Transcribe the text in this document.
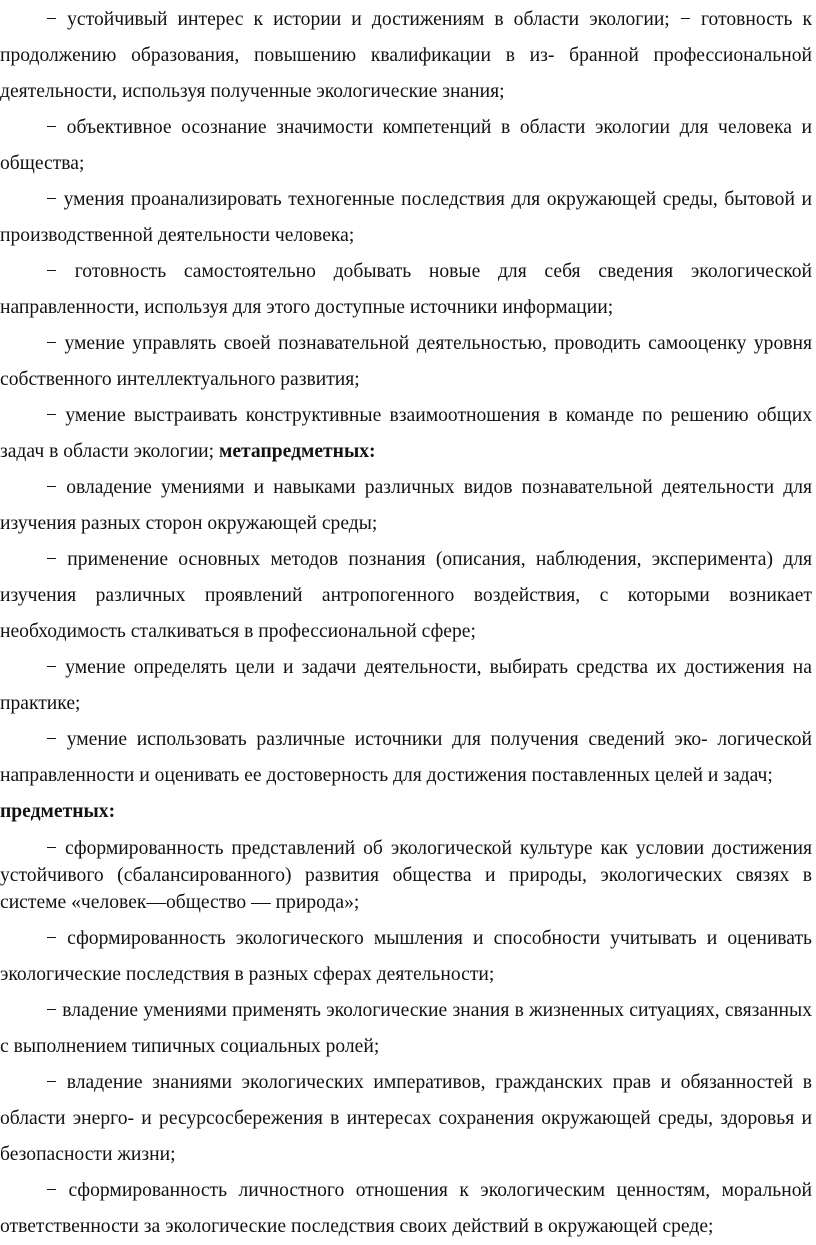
− устойчивый интерес к истории и достижениям в области экологии; − готовность к продолжению образования, повышению квалификации в из- бранной профессиональной деятельности, используя полученные экологические знания;

− объективное осознание значимости компетенций в области экологии для человека и общества;

− умения проанализировать техногенные последствия для окружающей среды, бытовой и производственной деятельности человека;

− готовность самостоятельно добывать новые для себя сведения экологической направленности, используя для этого доступные источники информации;

− умение управлять своей познавательной деятельностью, проводить самооценку уровня собственного интеллектуального развития;

− умение выстраивать конструктивные взаимоотношения в команде по решению общих задач в области экологии; метапредметных:

− овладение умениями и навыками различных видов познавательной деятельности для изучения разных сторон окружающей среды;

− применение основных методов познания (описания, наблюдения, эксперимента) для изучения различных проявлений антропогенного воздействия, с которыми возникает необходимость сталкиваться в профессиональной сфере;

− умение определять цели и задачи деятельности, выбирать средства их достижения на практике;

− умение использовать различные источники для получения сведений эко- логической направленности и оценивать ее достоверность для достижения поставленных целей и задач;

предметных:

− сформированность представлений об экологической культуре как условии достижения устойчивого (сбалансированного) развития общества и природы, экологических связях в системе «человек—общество — природа»;

− сформированность экологического мышления и способности учитывать и оценивать экологические последствия в разных сферах деятельности;

− владение умениями применять экологические знания в жизненных ситуациях, связанных с выполнением типичных социальных ролей;

− владение знаниями экологических императивов, гражданских прав и обязанностей в области энерго- и ресурсосбережения в интересах сохранения окружающей среды, здоровья и безопасности жизни;

− сформированность личностного отношения к экологическим ценностям, моральной ответственности за экологические последствия своих действий в окружающей среде;
